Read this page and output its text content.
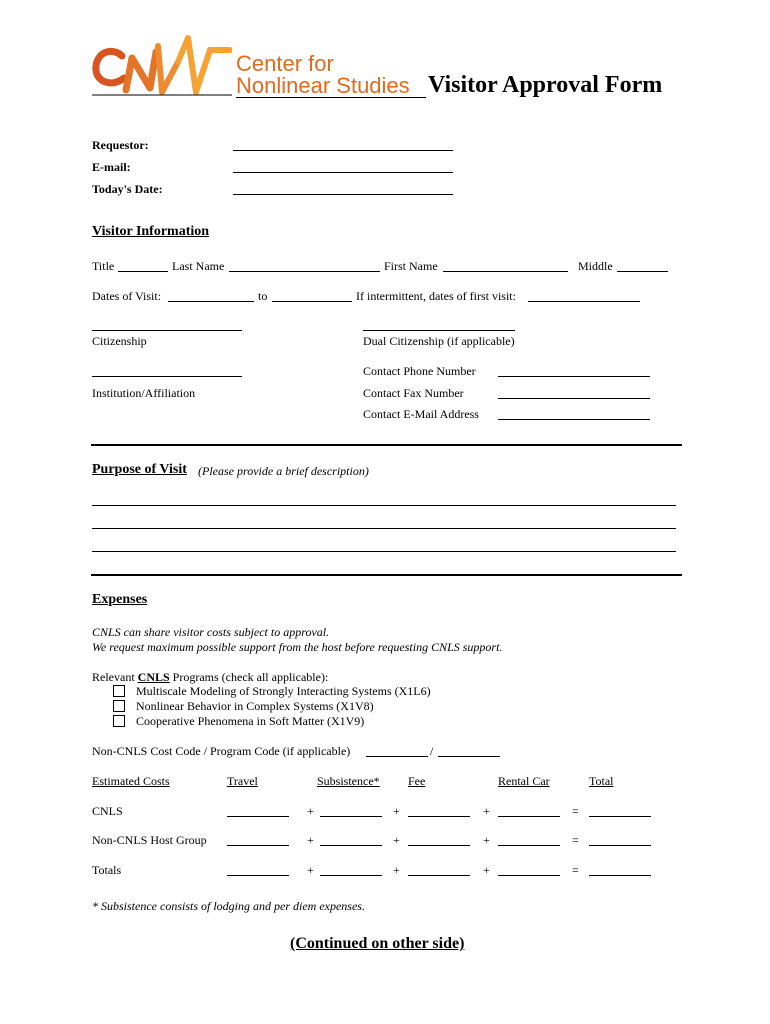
Center for
Nonlinear Studies Visitor Approval Form
Requestor:
E-mail:
Today's Date:
Visitor Information
Title	Last Name	First Name	Middle
Dates of Visit:	to	If intermittent, dates of first visit:
Citizenship	Dual Citizenship (if applicable)
Institution/Affiliation
Contact Phone Number
Contact Fax Number
Contact E-Mail Address
Purpose of Visit (Please provide a brief description)
Expenses
CNLS can share visitor costs subject to approval.
We request maximum possible support from the host before requesting CNLS support.
Relevant CNLS Programs (check all applicable):
Multiscale Modeling of Strongly Interacting Systems (X1L6)
Nonlinear Behavior in Complex Systems (X1V8)
Cooperative Phenomena in Soft Matter (X1V9)
Non-CNLS Cost Code / Program Code (if applicable)	/
Estimated Costs	Travel	Subsistence* Fee	Rental Car	Total
CNLS	+	+	+	=
Non-CNLS Host Group	+	+	+	=
Totals	+	+	+	=
* Subsistence consists of lodging and per diem expenses.
(Continued on other side)
